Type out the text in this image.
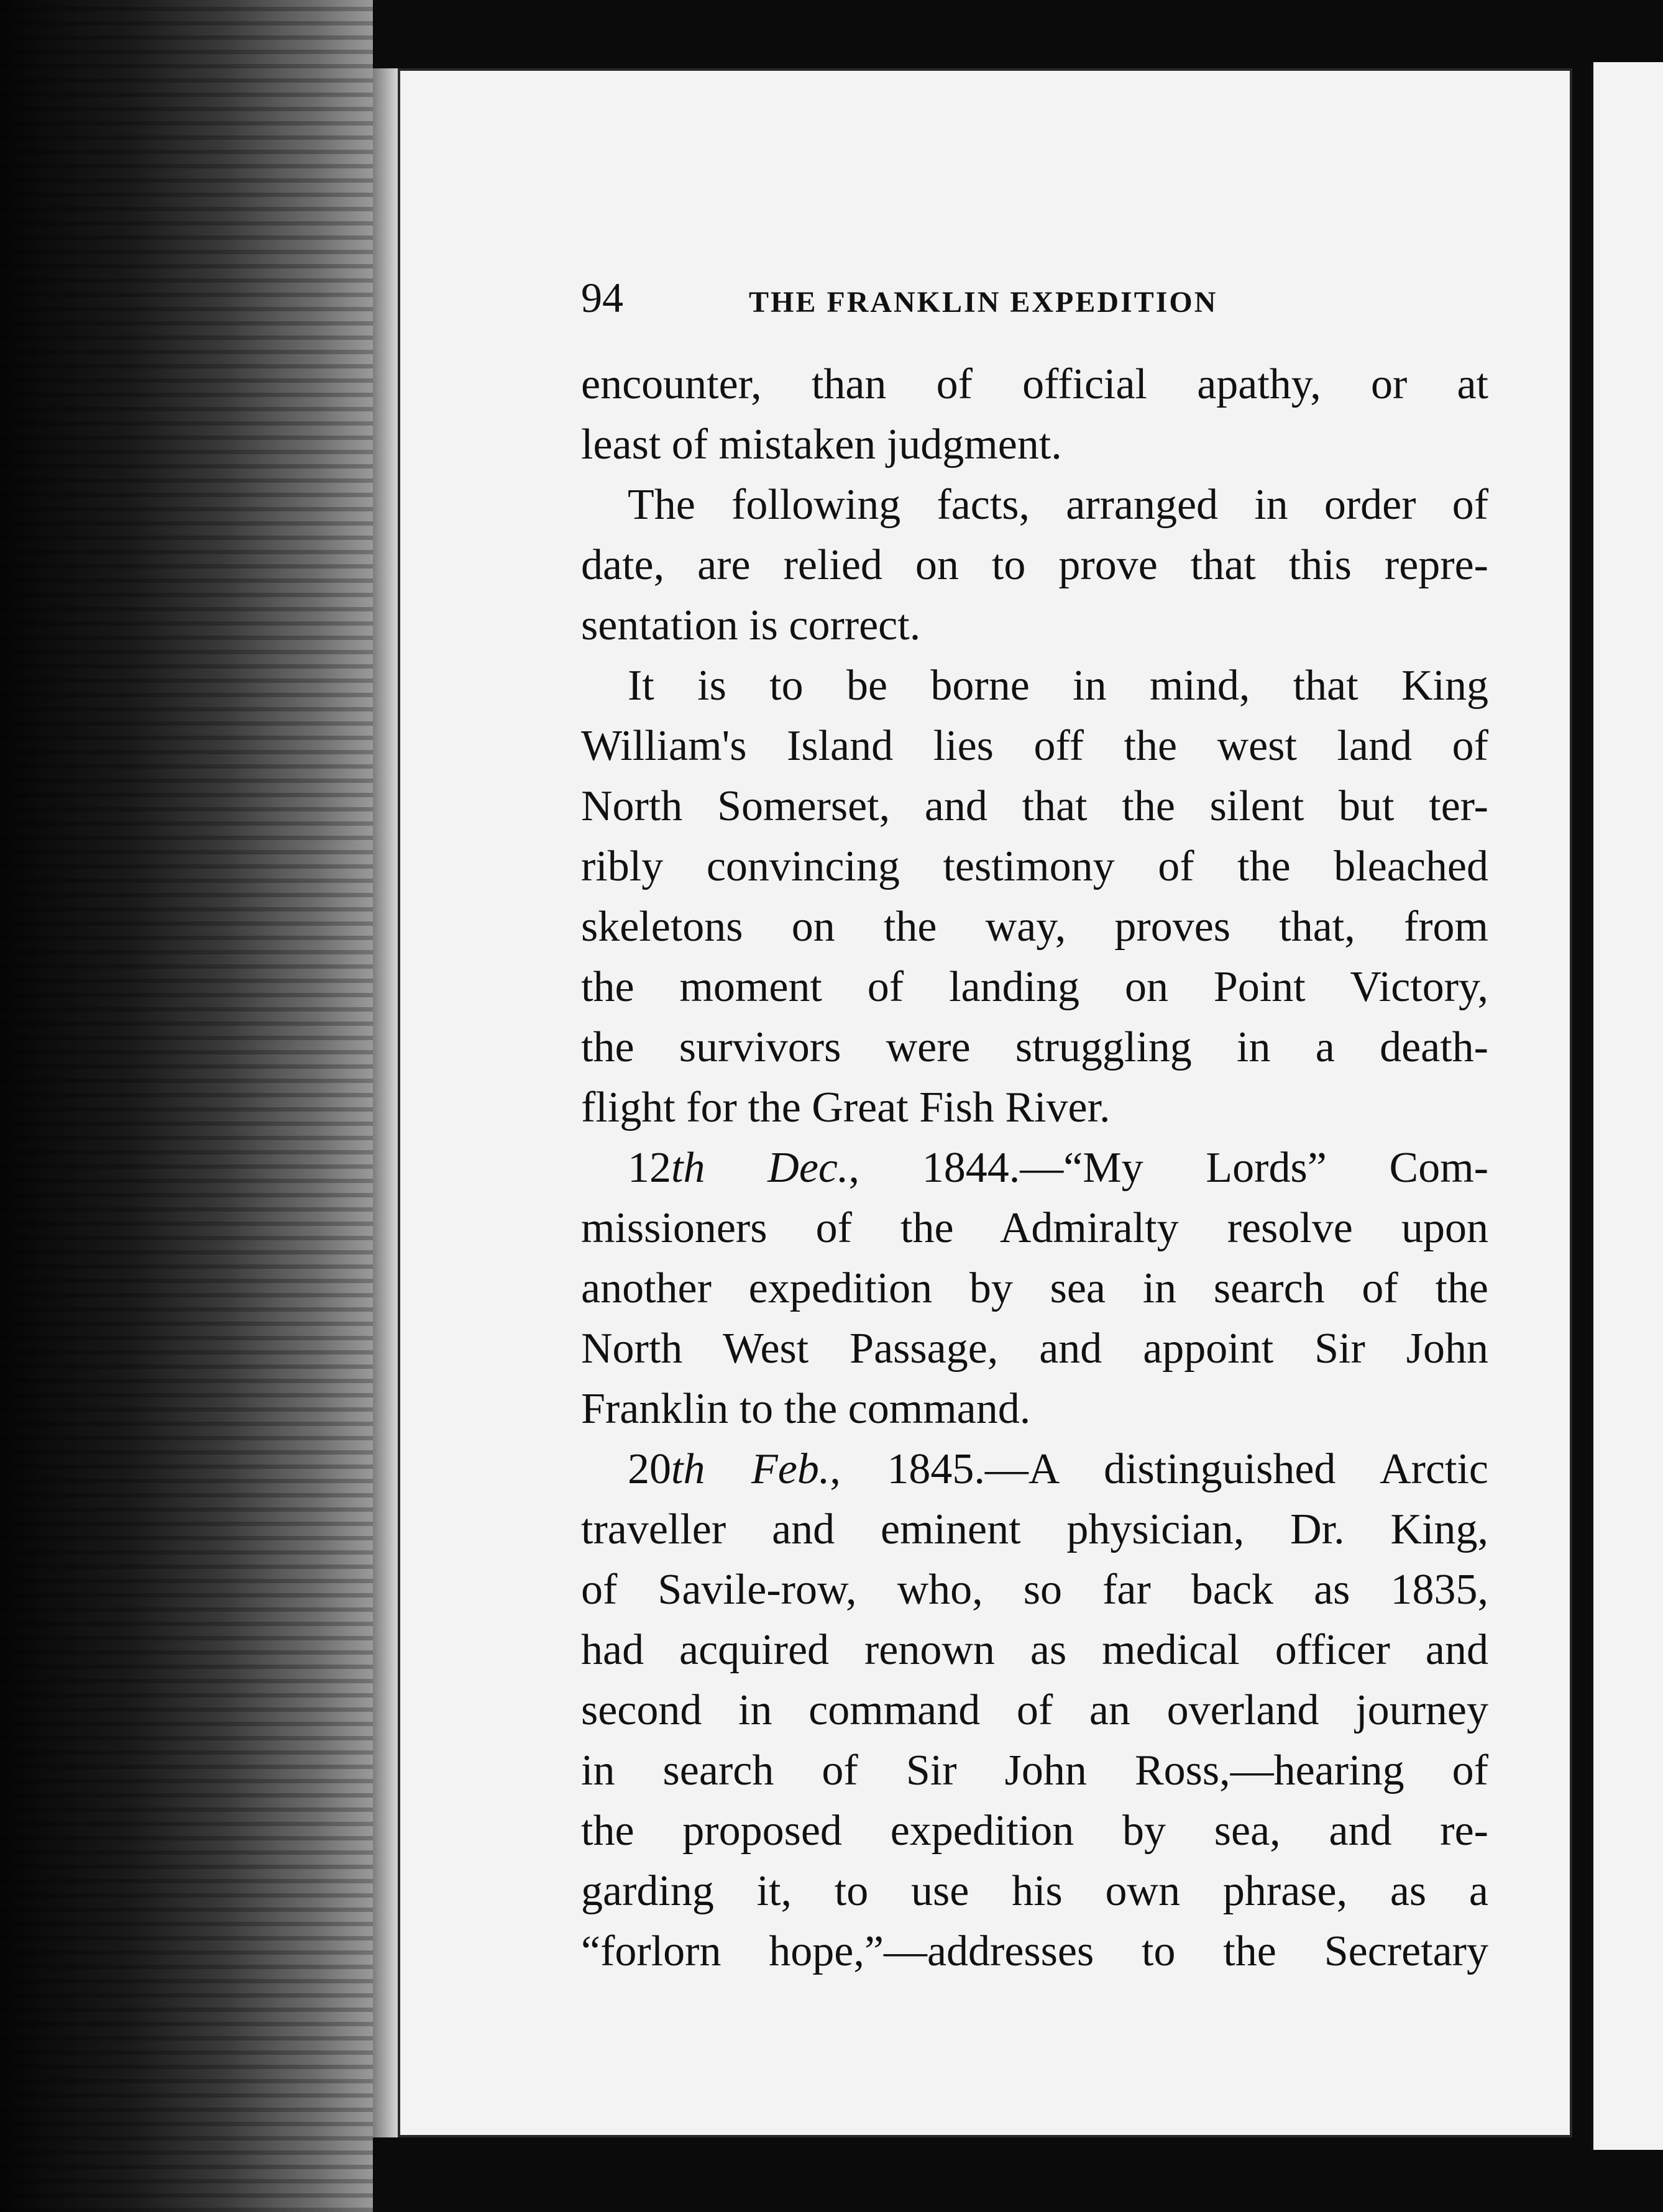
94	THE FRANKLIN EXPEDITION
encounter, than of official apathy, or at
least of mistaken judgment.
The following facts, arranged in order of
date, are relied on to prove that this repre-
sentation is correct.
It is to be borne in mind, that King
William's Island lies off the west land of
North Somerset, and that the silent but ter-
ribly convincing testimony of the bleached
skeletons on the way, proves that, from
the moment of landing on Point Victory,
the survivors were struggling in a death-
flight for the Great Fish River.
12th Dec., 1844.—“My Lords” Com-
missioners of the Admiralty resolve upon
another expedition by sea in search of the
North West Passage, and appoint Sir John
Franklin to the command.
20th Feb., 1845.—A distinguished Arctic
traveller and eminent physician, Dr. King,
of Savile-row, who, so far back as 1835,
had acquired renown as medical officer and
second in command of an overland journey
in search of Sir John Ross,—hearing of
the proposed expedition by sea, and re-
garding it, to use his own phrase, as a
“forlorn hope,”—addresses to the Secretary
